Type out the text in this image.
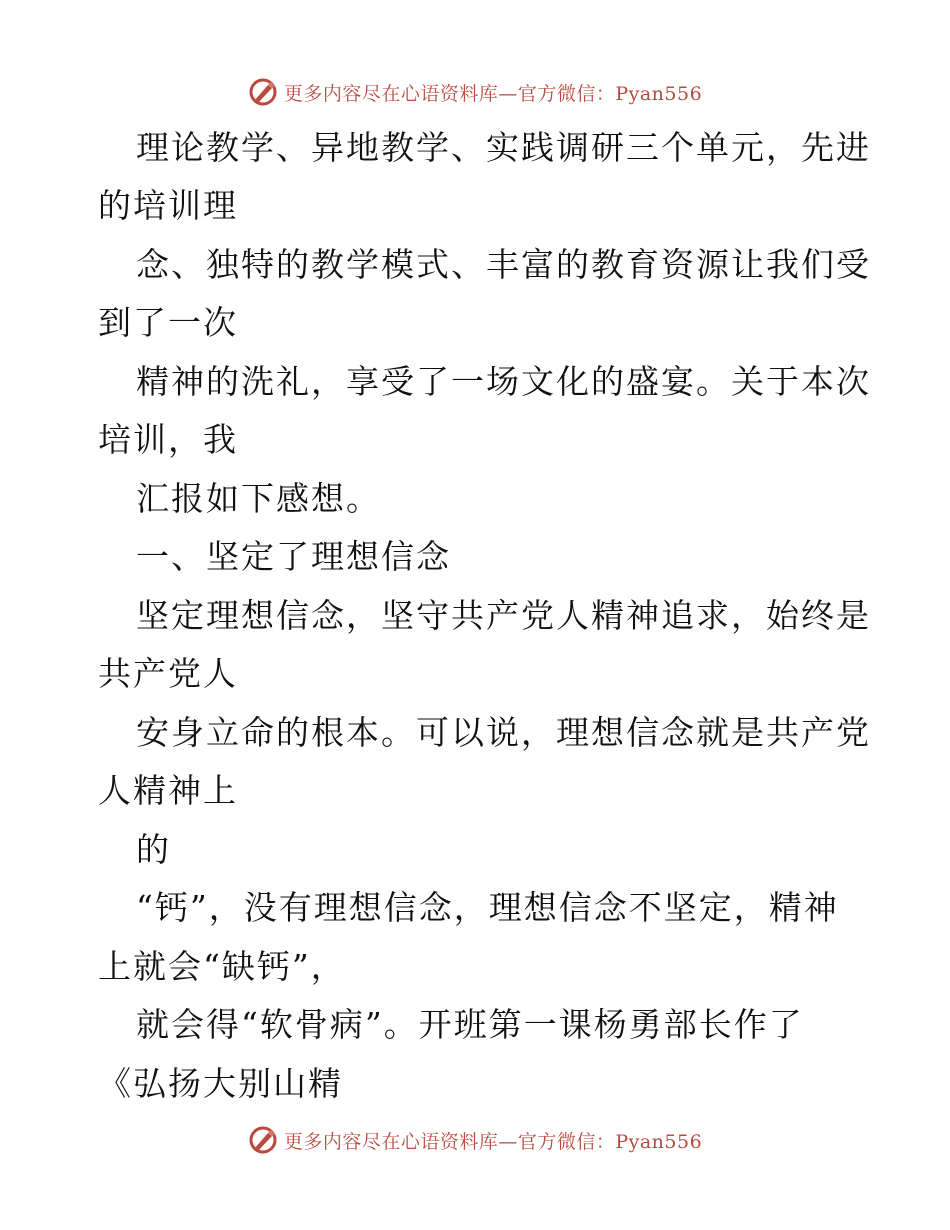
更多内容尽在心语资料库—官方微信：Pyan556
理论教学、异地教学、实践调研三个单元，先进
的培训理
念、独特的教学模式、丰富的教育资源让我们受
到了一次
精神的洗礼，享受了一场文化的盛宴。关于本次
培训，我
汇报如下感想。
一、坚定了理想信念
坚定理想信念，坚守共产党人精神追求，始终是
共产党人
安身立命的根本。可以说，理想信念就是共产党
人精神上
的
“钙”，没有理想信念，理想信念不坚定，精神
上就会“缺钙”，
就会得“软骨病”。开班第一课杨勇部长作了
《弘扬大别山精
更多内容尽在心语资料库—官方微信：Pyan556
